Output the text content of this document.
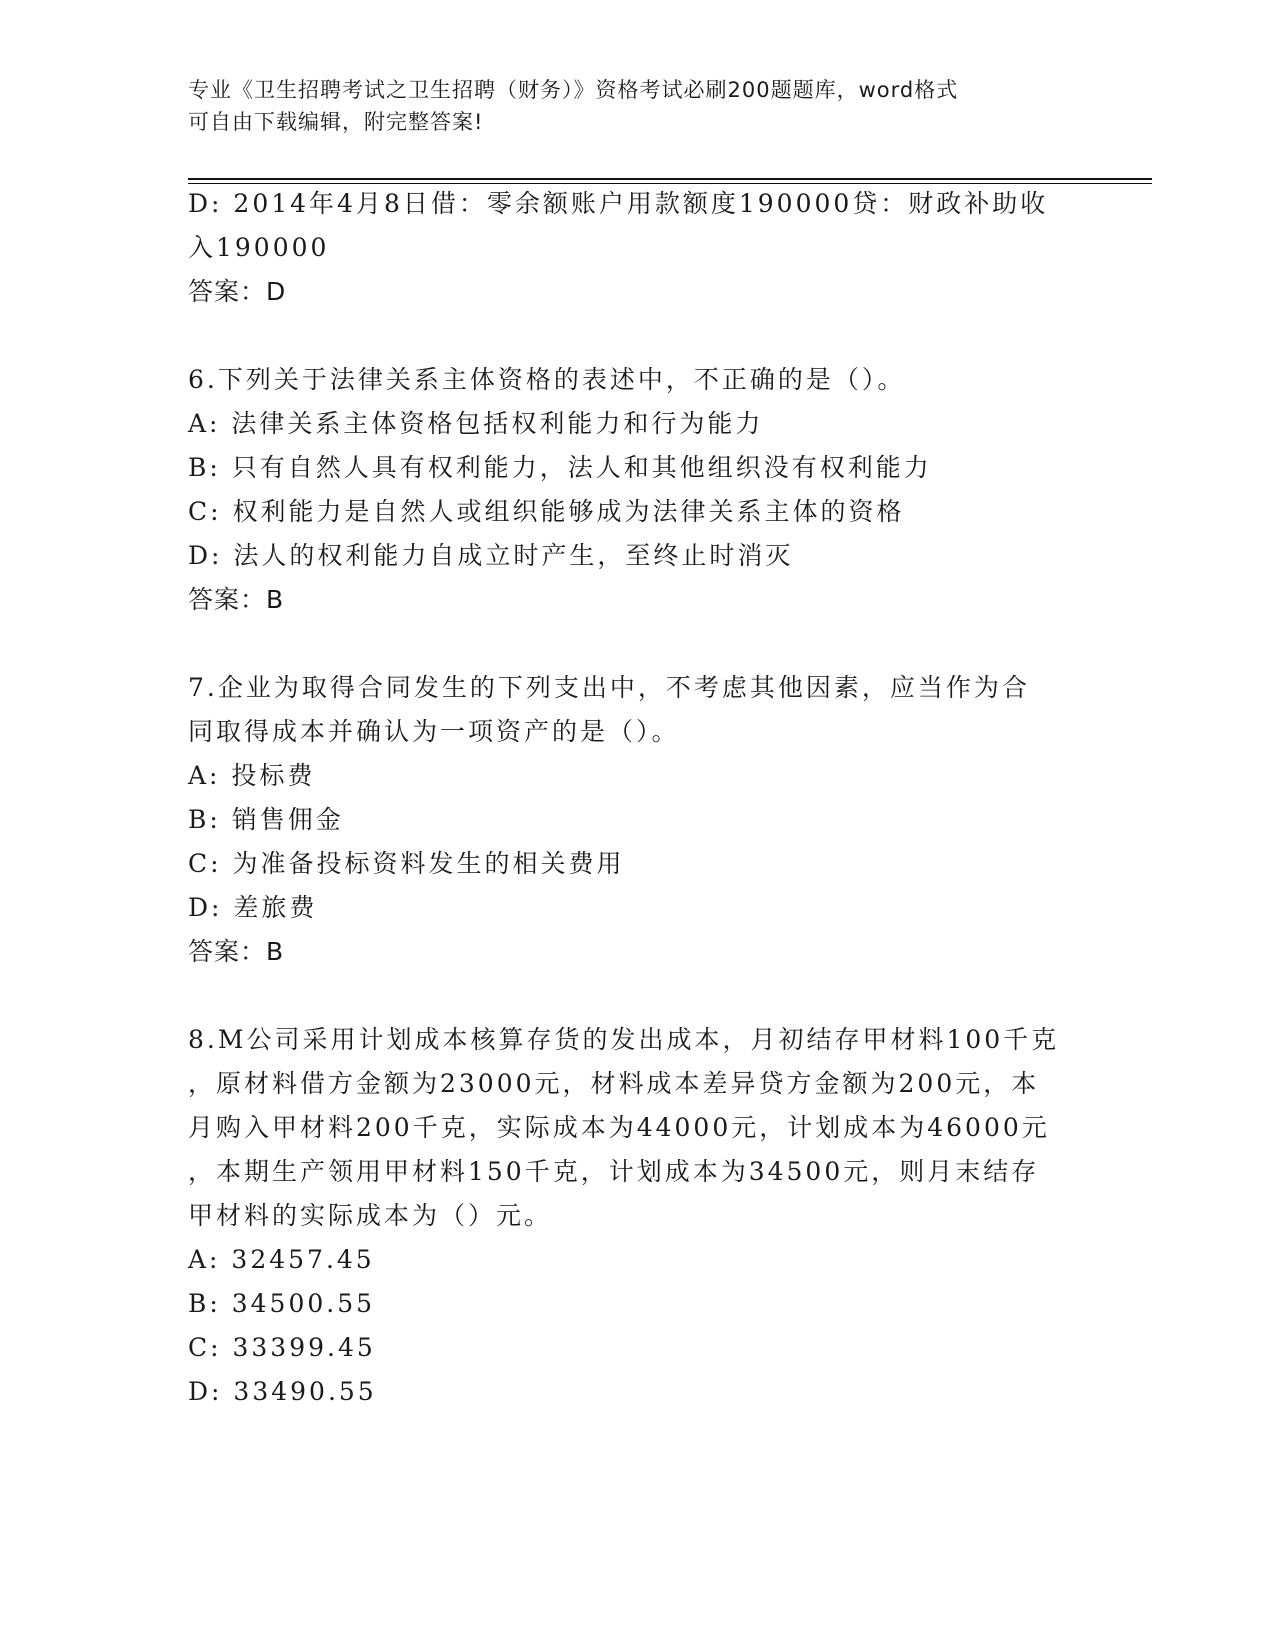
专业《卫生招聘考试之卫生招聘（财务）》资格考试必刷200题题库，word格式
可自由下载编辑，附完整答案!
D: 2014年4月8日借：零余额账户用款额度190000贷：财政补助收
入190000
答案：D
6.下列关于法律关系主体资格的表述中，不正确的是（）。
A: 法律关系主体资格包括权利能力和行为能力
B: 只有自然人具有权利能力，法人和其他组织没有权利能力
C: 权利能力是自然人或组织能够成为法律关系主体的资格
D: 法人的权利能力自成立时产生，至终止时消灭
答案：B
7.企业为取得合同发生的下列支出中，不考虑其他因素，应当作为合
同取得成本并确认为一项资产的是（）。
A: 投标费
B: 销售佣金
C: 为准备投标资料发生的相关费用
D: 差旅费
答案：B
8.M公司采用计划成本核算存货的发出成本，月初结存甲材料100千克
，原材料借方金额为23000元，材料成本差异贷方金额为200元，本
月购入甲材料200千克，实际成本为44000元，计划成本为46000元
，本期生产领用甲材料150千克，计划成本为34500元，则月末结存
甲材料的实际成本为（）元。
A: 32457.45
B: 34500.55
C: 33399.45
D: 33490.55
